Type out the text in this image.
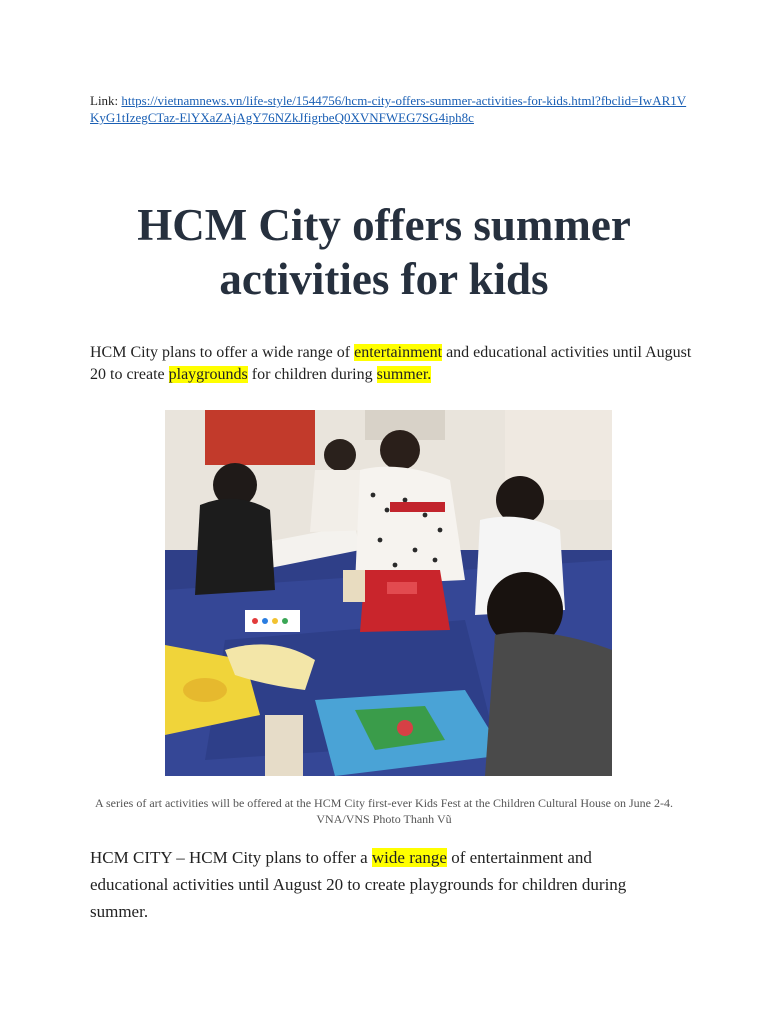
Link: https://vietnamnews.vn/life-style/1544756/hcm-city-offers-summer-activities-for-kids.html?fbclid=IwAR1VKyG1tIzegCTaz-ElYXaZAjAgY76NZkJfigrbeQ0XVNFWEG7SG4iph8c
HCM City offers summer activities for kids

HCM City plans to offer a wide range of entertainment and educational activities until August 20 to create playgrounds for children during summer.

A series of art activities will be offered at the HCM City first-ever Kids Fest at the Children Cultural House on June 2-4. VNA/VNS Photo Thanh Vũ

HCM CITY – HCM City plans to offer a wide range of entertainment and educational activities until August 20 to create playgrounds for children during summer.
